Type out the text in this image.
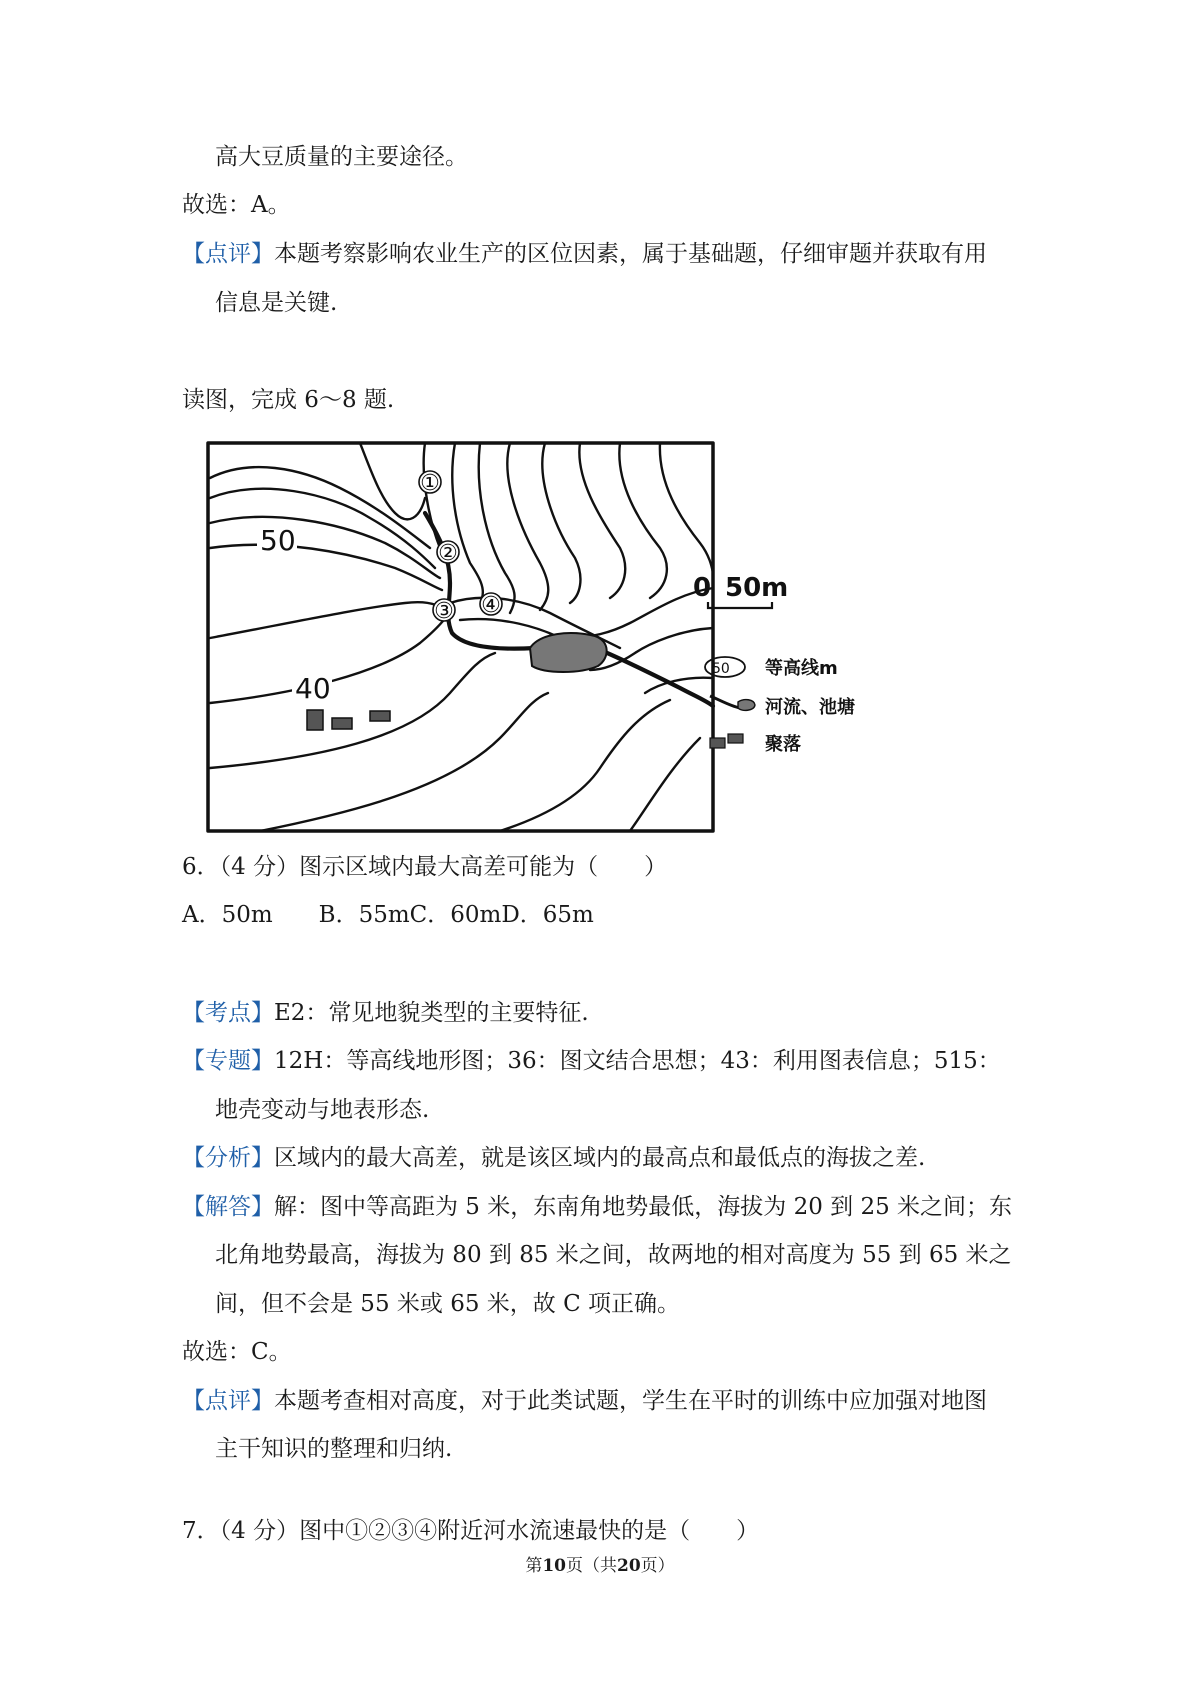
高大豆质量的主要途径。
故选：A。
【点评】本题考察影响农业生产的区位因素，属于基础题，仔细审题并获取有用
信息是关键.
读图，完成 6～8 题.
50
40
①
②
③ ④
0 50m
50 等高线m
河流、池塘
聚落
6．（4 分）图示区域内最大高差可能为（　　）
A．50m　　B．55mC．60mD．65m
【考点】E2：常见地貌类型的主要特征.
【专题】12H：等高线地形图；36：图文结合思想；43：利用图表信息；515：
地壳变动与地表形态.
【分析】区域内的最大高差，就是该区域内的最高点和最低点的海拔之差.
【解答】解：图中等高距为 5 米，东南角地势最低，海拔为 20 到 25 米之间；东
北角地势最高，海拔为 80 到 85 米之间，故两地的相对高度为 55 到 65 米之
间，但不会是 55 米或 65 米，故 C 项正确。
故选：C。
【点评】本题考查相对高度，对于此类试题，学生在平时的训练中应加强对地图
主干知识的整理和归纳.
7．（4 分）图中①②③④附近河水流速最快的是（　　）
第10页（共20页）
